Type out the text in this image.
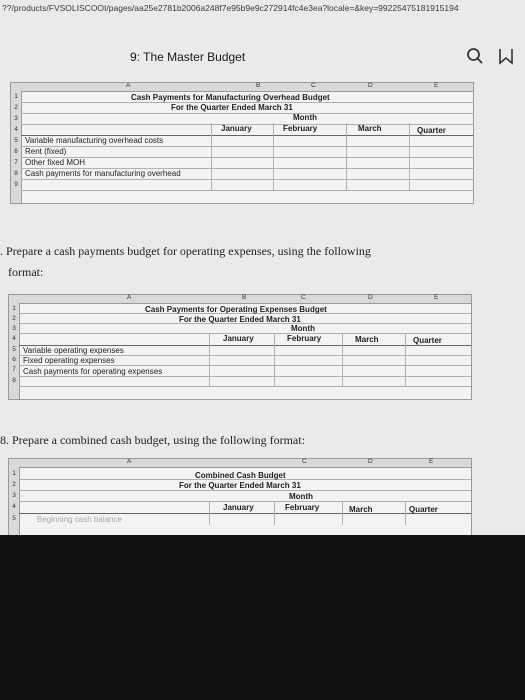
??/products/FVSOLISCOOI/pages/aa25e2781b2006a248f7e95b9e9c272914fc4e3ea?locale=&key=99225475181915194
9: The Master Budget
A	B	C	D	E
1
2
3
4
5
6
7
8
9
Cash Payments for Manufacturing Overhead Budget
For the Quarter Ended March 31
Month
January	February	March	Quarter
Variable manufacturing overhead costs
Rent (fixed)
Other fixed MOH
Cash payments for manufacturing overhead
. Prepare a cash payments budget for operating expenses, using the following
format:
A	B	C	D	E
1
2
3
4
5
6
7
8
Cash Payments for Operating Expenses Budget
For the Quarter Ended March 31
Month
January	February	March	Quarter
Variable operating expenses
Fixed operating expenses
Cash payments for operating expenses
8. Prepare a combined cash budget, using the following format:
A	C	D	E
1
2
3
4
5
Combined Cash Budget
For the Quarter Ended March 31
Month
January	February	March	Quarter
Beginning cash balance
